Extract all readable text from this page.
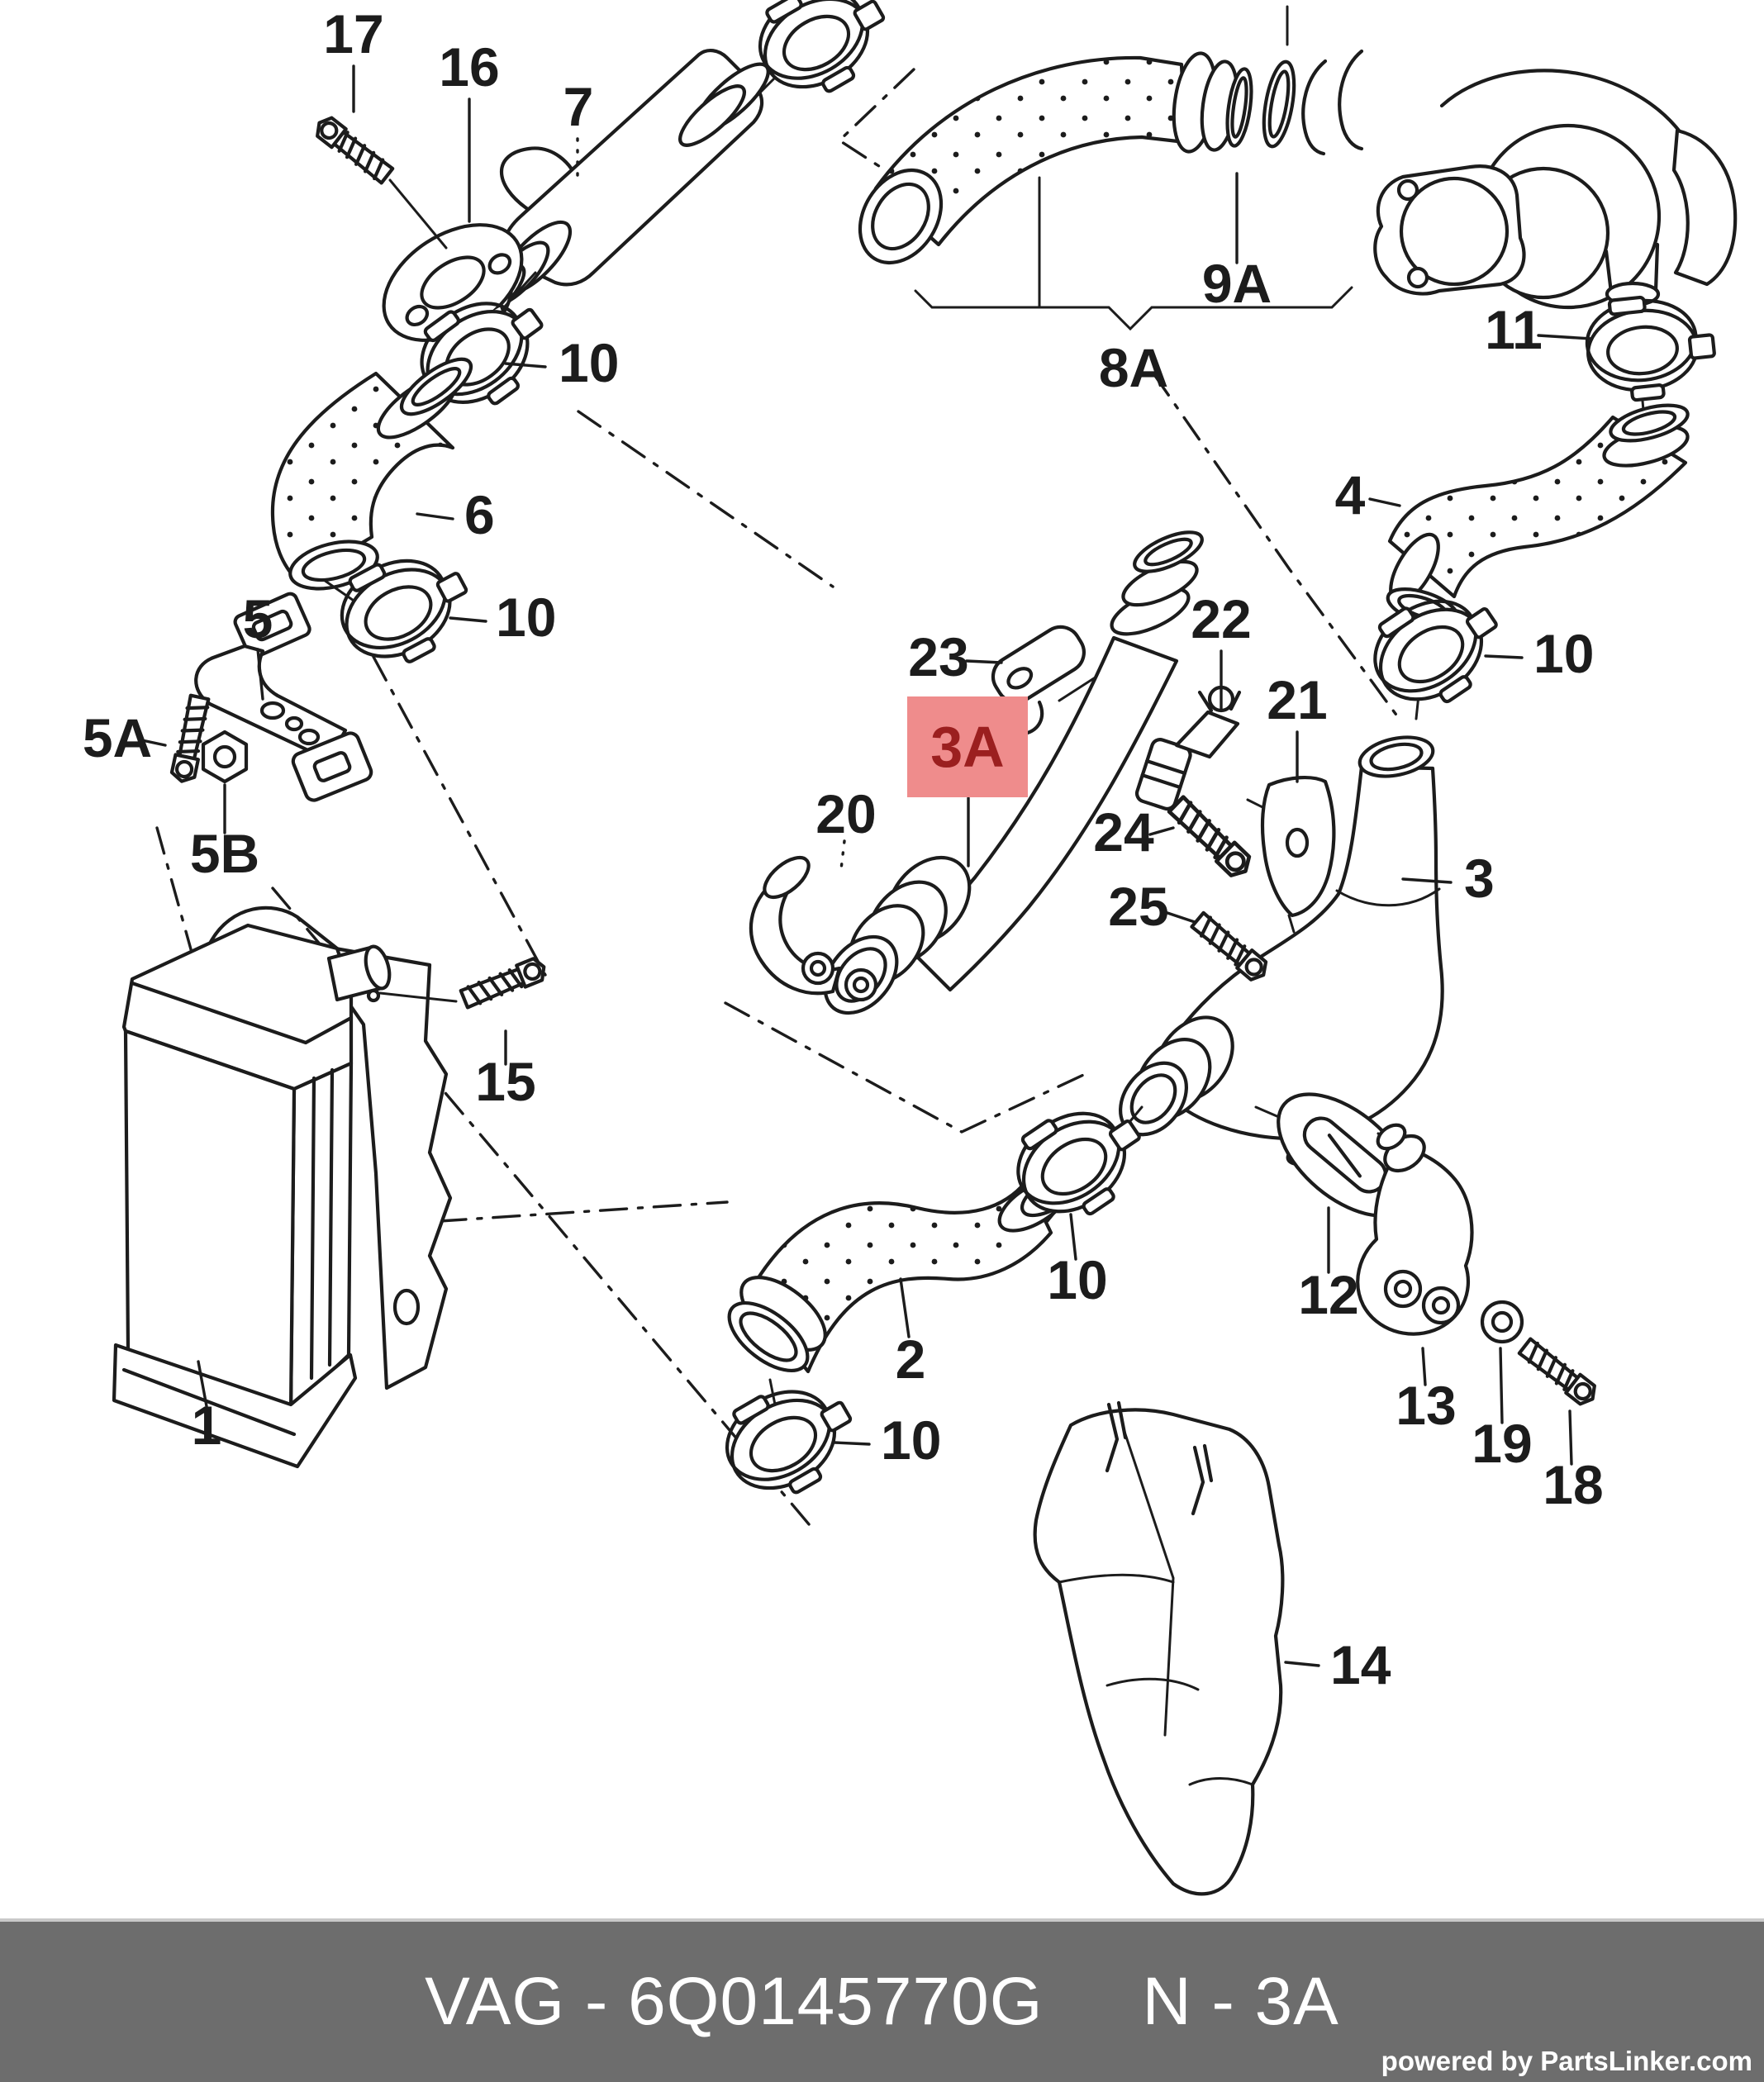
17
16
7
10
6
10
5
5A
5B
8A
9A
11
4
10
3
23
22
21
3A
20	24
25
2
10
10
1
15
12
13
19
18
14
VAG - 6Q0145770G N - 3A
powered by PartsLinker.com
